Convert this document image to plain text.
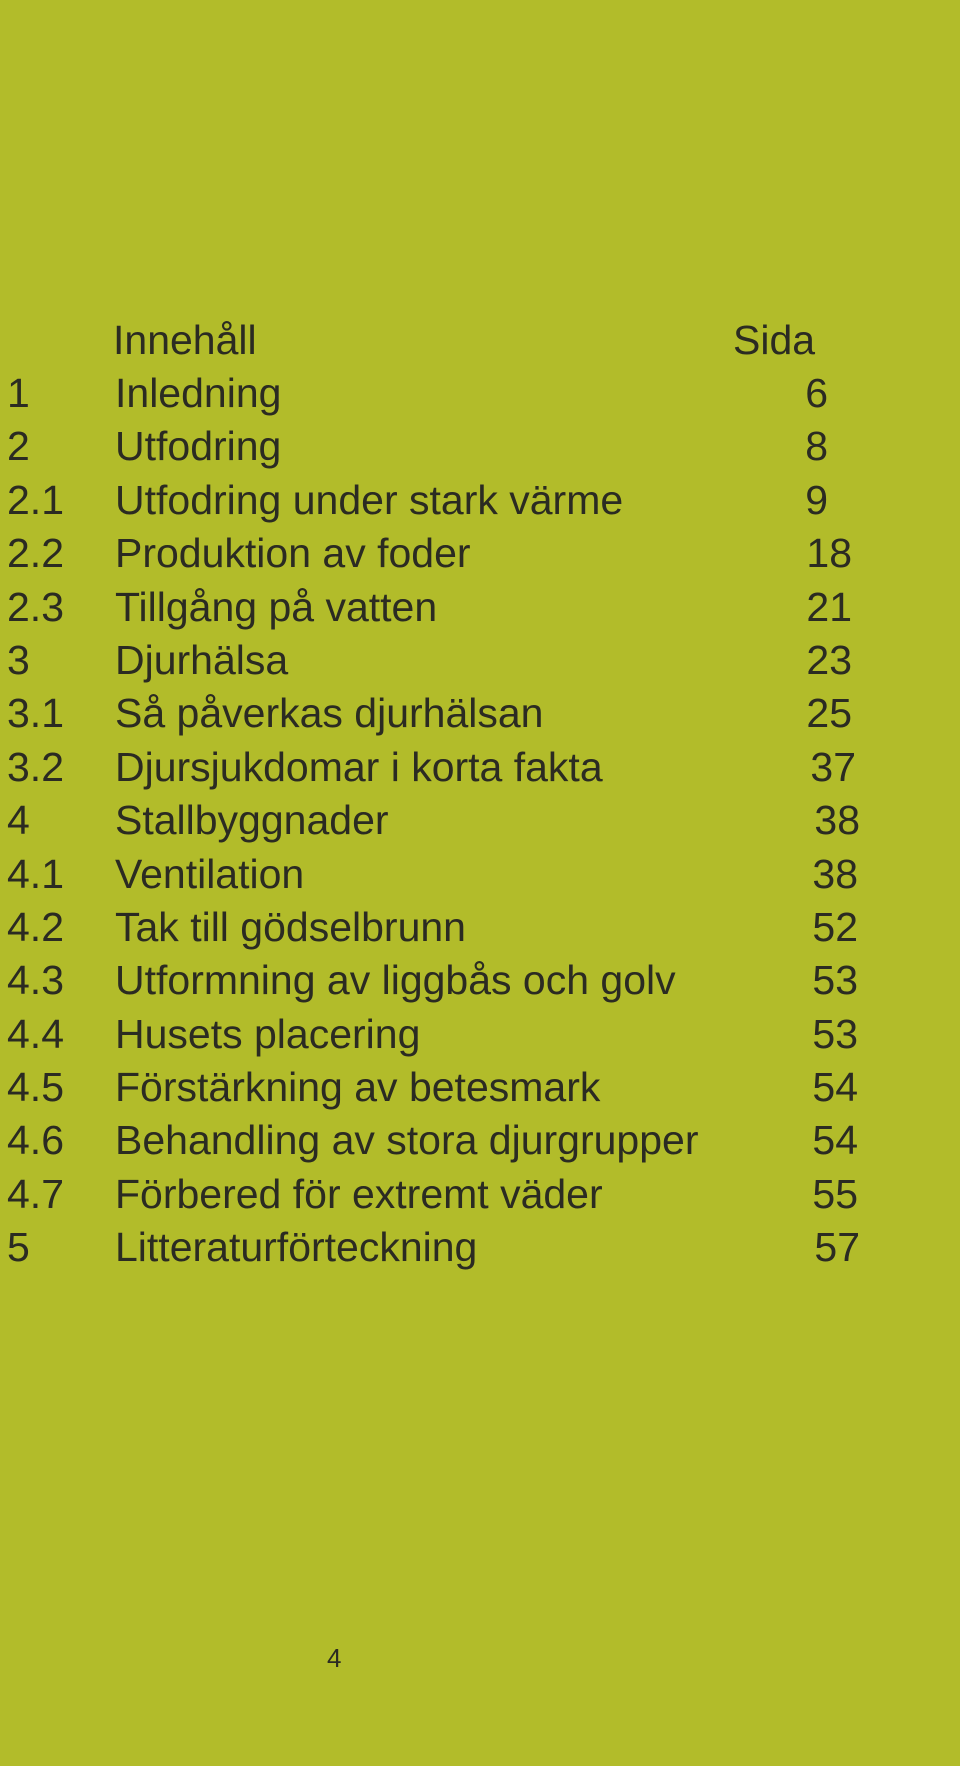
Innehåll	Sida
1 Inledning	6
2 Utfodring	8
2.1 Utfodring under stark värme	9
2.2 Produktion av foder	18
2.3 Tillgång på vatten	21
3 Djurhälsa	23
3.1 Så påverkas djurhälsan	25
3.2 Djursjukdomar i korta fakta	37
4 Stallbyggnader	38
4.1 Ventilation	38
4.2 Tak till gödselbrunn	52
4.3 Utformning av liggbås och golv	53
4.4 Husets placering	53
4.5 Förstärkning av betesmark	54
4.6 Behandling av stora djurgrupper	54
4.7 Förbered för extremt väder	55
5 Litteraturförteckning	57
4
